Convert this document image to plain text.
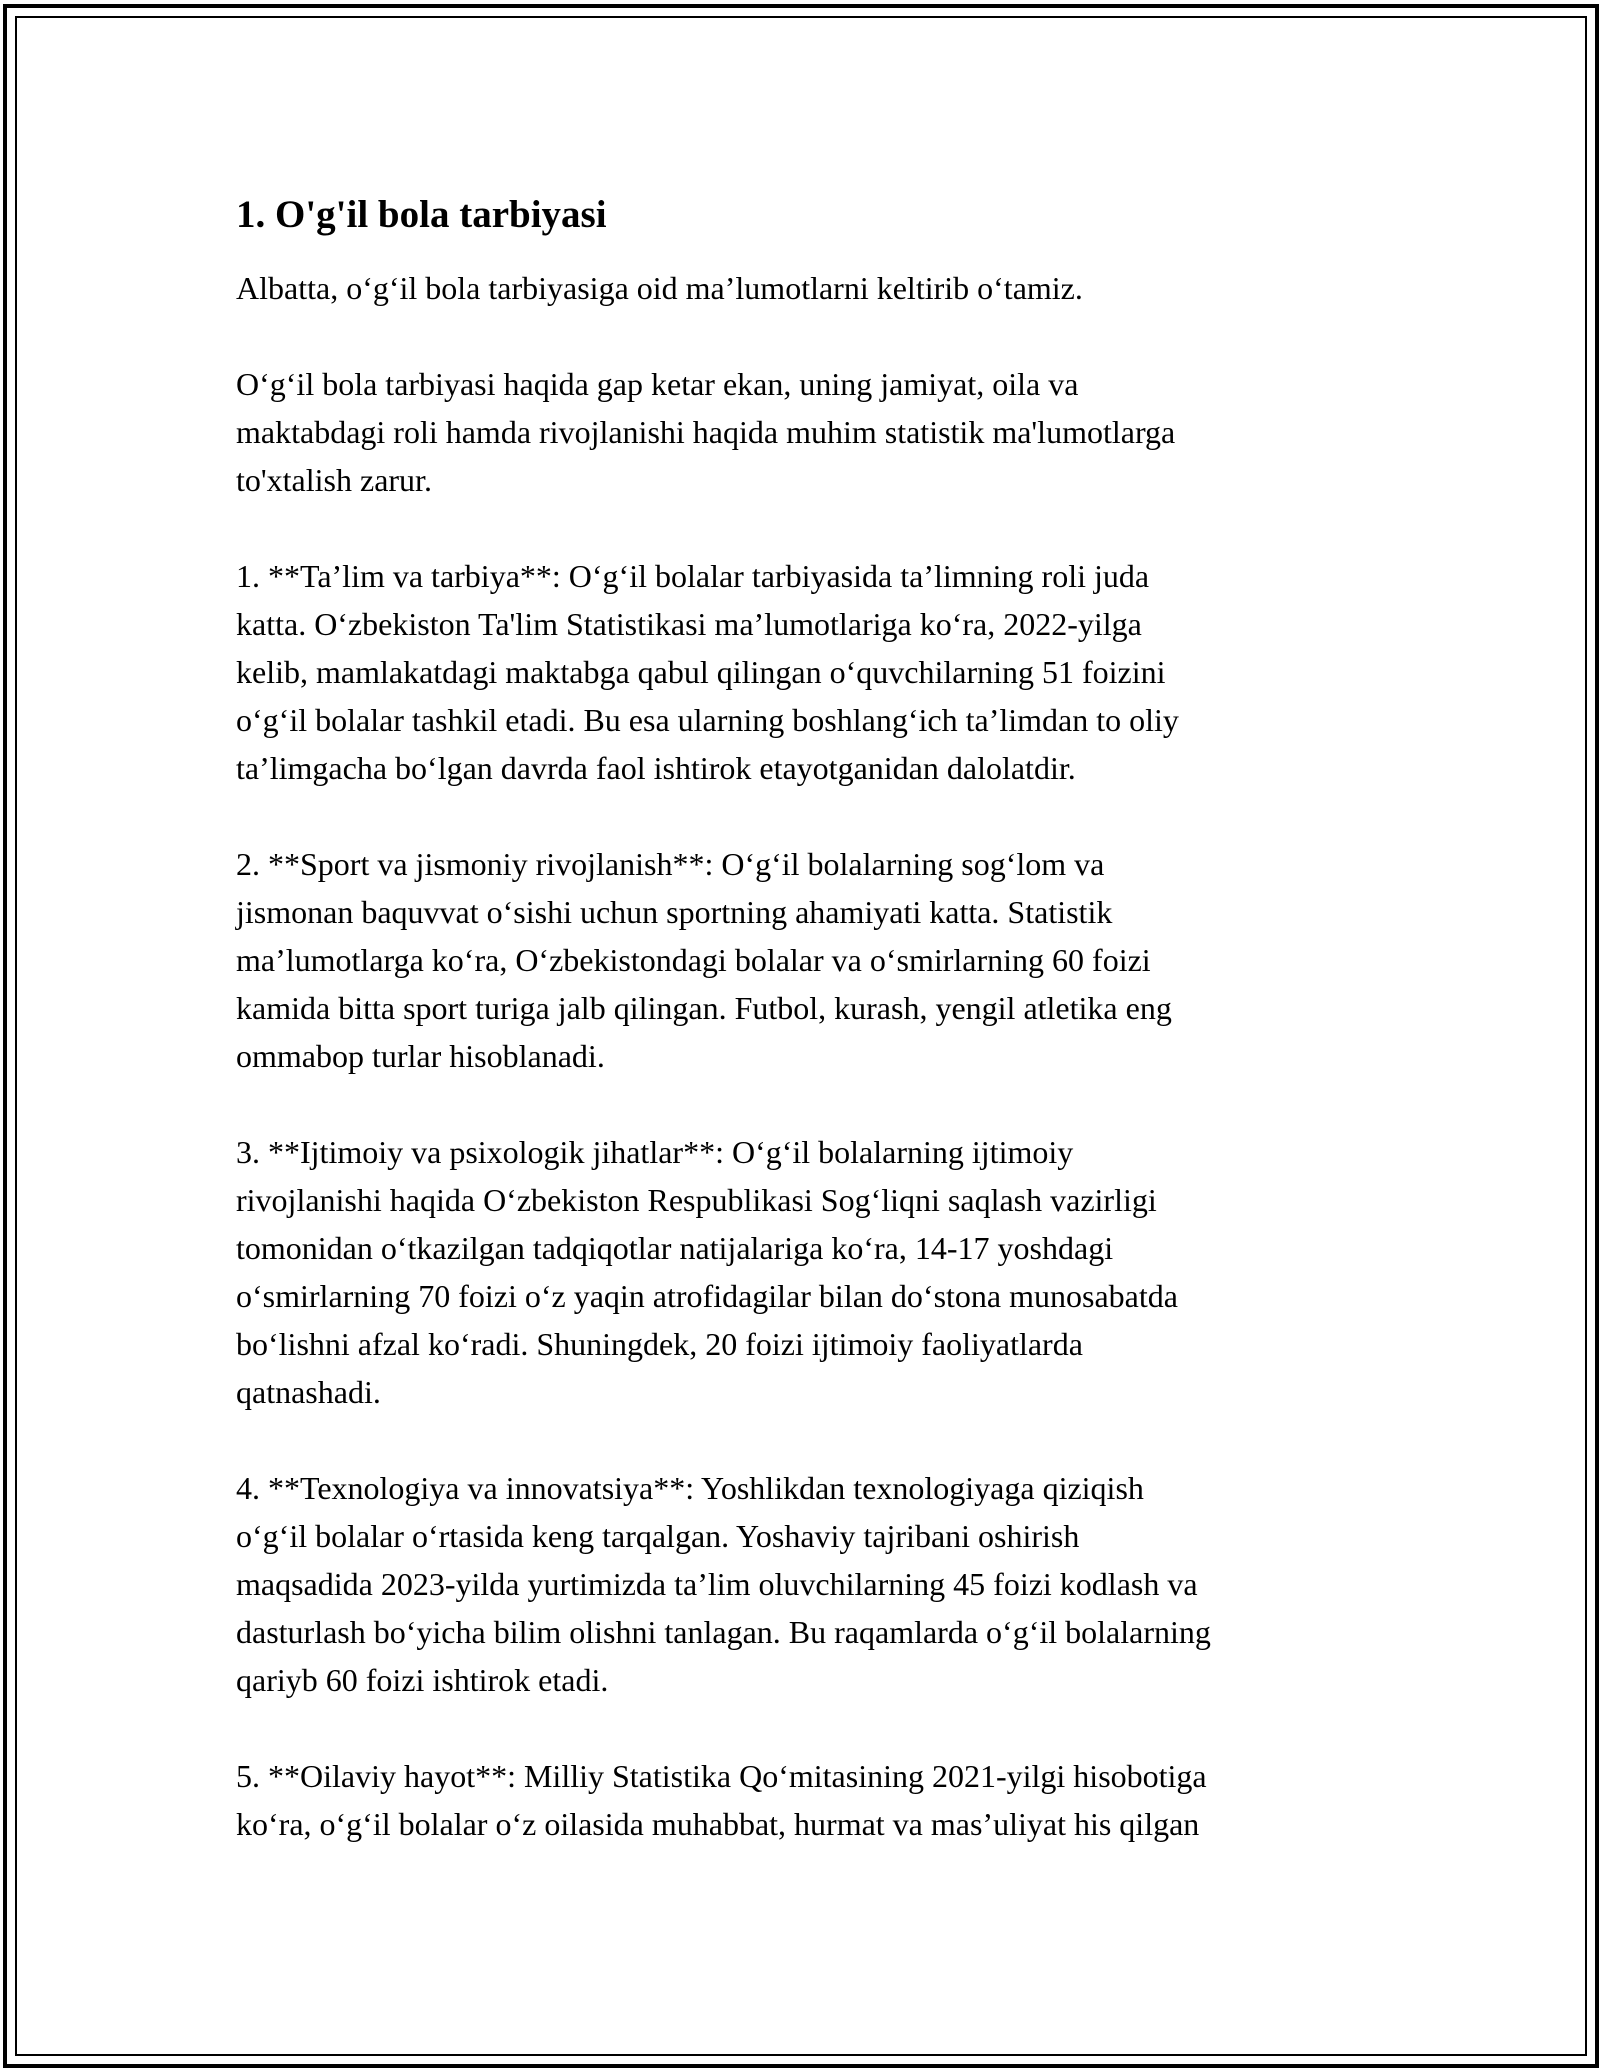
1. O'g'il bola tarbiyasi

Albatta, o‘g‘il bola tarbiyasiga oid ma’lumotlarni keltirib o‘tamiz.

O‘g‘il bola tarbiyasi haqida gap ketar ekan, uning jamiyat, oila va
maktabdagi roli hamda rivojlanishi haqida muhim statistik ma'lumotlarga
to'xtalish zarur.

1. **Ta’lim va tarbiya**: O‘g‘il bolalar tarbiyasida ta’limning roli juda
katta. O‘zbekiston Ta'lim Statistikasi ma’lumotlariga ko‘ra, 2022-yilga
kelib, mamlakatdagi maktabga qabul qilingan o‘quvchilarning 51 foizini
o‘g‘il bolalar tashkil etadi. Bu esa ularning boshlang‘ich ta’limdan to oliy
ta’limgacha bo‘lgan davrda faol ishtirok etayotganidan dalolatdir.

2. **Sport va jismoniy rivojlanish**: O‘g‘il bolalarning sog‘lom va
jismonan baquvvat o‘sishi uchun sportning ahamiyati katta. Statistik
ma’lumotlarga ko‘ra, O‘zbekistondagi bolalar va o‘smirlarning 60 foizi
kamida bitta sport turiga jalb qilingan. Futbol, kurash, yengil atletika eng
ommabop turlar hisoblanadi.

3. **Ijtimoiy va psixologik jihatlar**: O‘g‘il bolalarning ijtimoiy
rivojlanishi haqida O‘zbekiston Respublikasi Sog‘liqni saqlash vazirligi
tomonidan o‘tkazilgan tadqiqotlar natijalariga ko‘ra, 14-17 yoshdagi
o‘smirlarning 70 foizi o‘z yaqin atrofidagilar bilan do‘stona munosabatda
bo‘lishni afzal ko‘radi. Shuningdek, 20 foizi ijtimoiy faoliyatlarda
qatnashadi.

4. **Texnologiya va innovatsiya**: Yoshlikdan texnologiyaga qiziqish
o‘g‘il bolalar o‘rtasida keng tarqalgan. Yoshaviy tajribani oshirish
maqsadida 2023-yilda yurtimizda ta’lim oluvchilarning 45 foizi kodlash va
dasturlash bo‘yicha bilim olishni tanlagan. Bu raqamlarda o‘g‘il bolalarning
qariyb 60 foizi ishtirok etadi.

5. **Oilaviy hayot**: Milliy Statistika Qo‘mitasining 2021-yilgi hisobotiga
ko‘ra, o‘g‘il bolalar o‘z oilasida muhabbat, hurmat va mas’uliyat his qilgan
